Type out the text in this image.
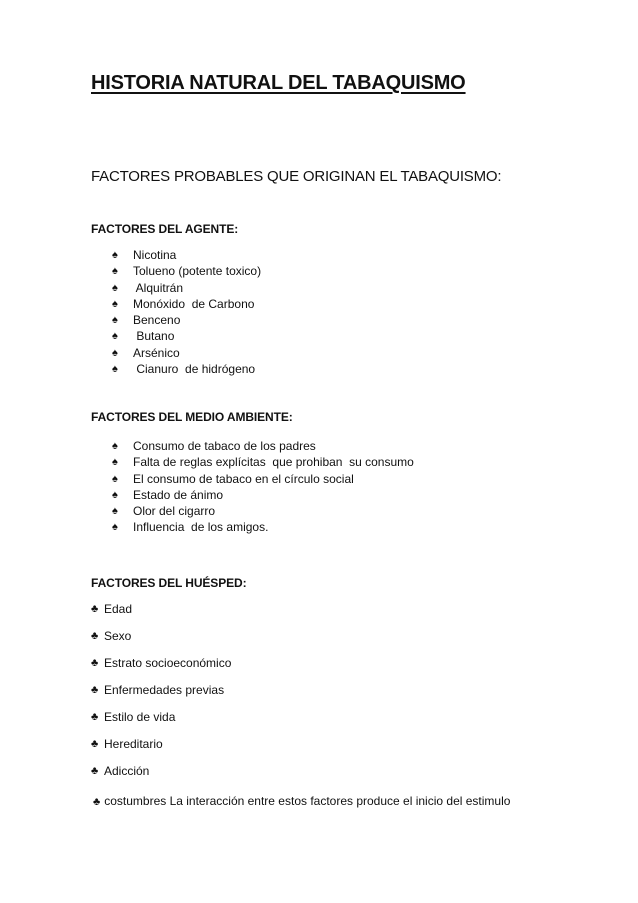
HISTORIA NATURAL DEL TABAQUISMO
FACTORES PROBABLES QUE ORIGINAN EL TABAQUISMO:
FACTORES DEL AGENTE:
♠ Nicotina
♠ Tolueno (potente toxico)
♠ Alquitrán
♠ Monóxido  de Carbono
♠ Benceno
♠ Butano
♠ Arsénico
♠ Cianuro  de hidrógeno
FACTORES DEL MEDIO AMBIENTE:
♠ Consumo de tabaco de los padres
♠ Falta de reglas explícitas  que prohiban  su consumo
♠ El consumo de tabaco en el círculo social
♠ Estado de ánimo
♠ Olor del cigarro
♠ Influencia  de los amigos.
FACTORES DEL HUÉSPED:
♣ Edad
♣ Sexo
♣ Estrato socioeconómico
♣ Enfermedades previas
♣ Estilo de vida
♣ Hereditario
♣ Adicción
♣ costumbres La interacción entre estos factores produce el inicio del estimulo
